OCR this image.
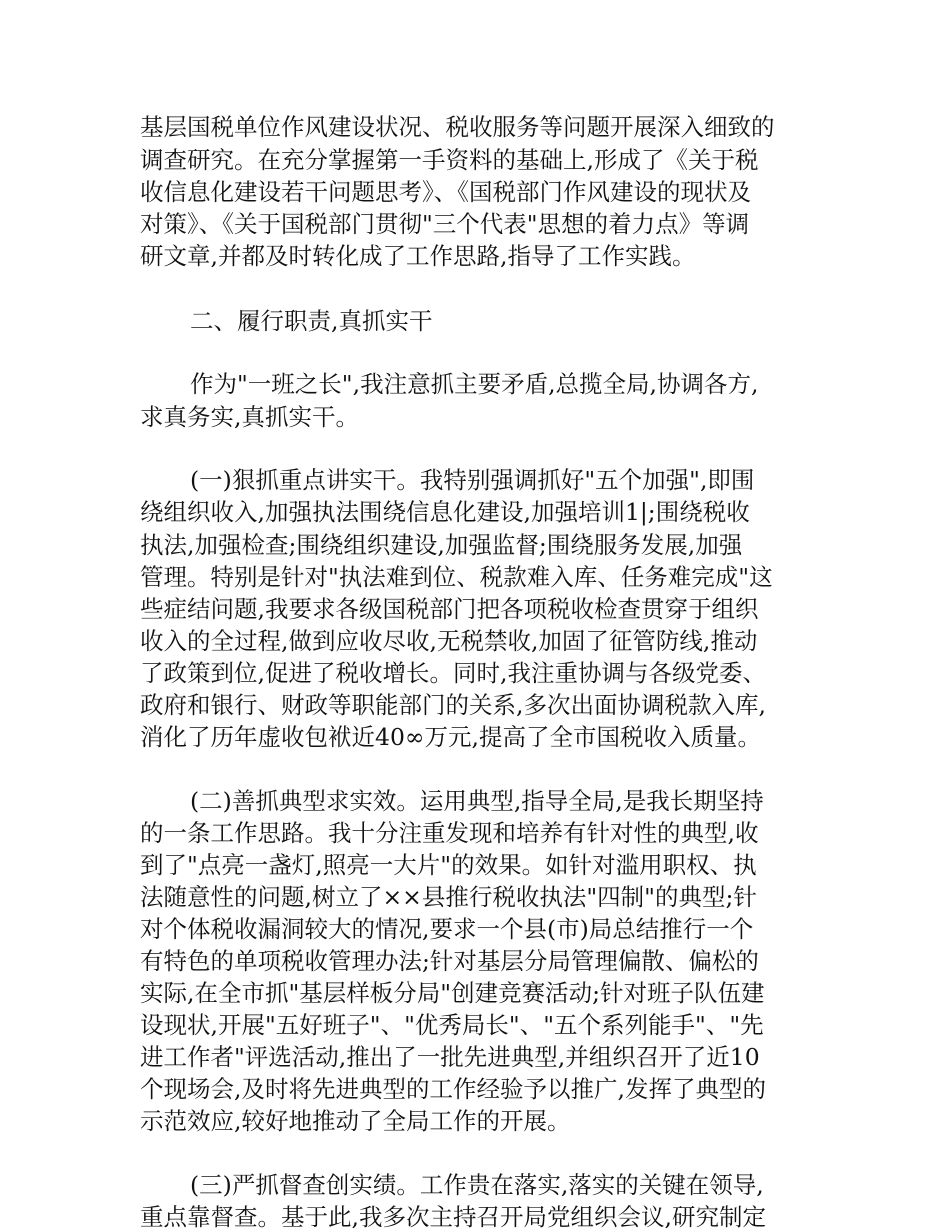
基层国税单位作风建设状况、税收服务等问题开展深入细致的

调查研究。在充分掌握第一手资料的基础上,形成了《关于税

收信息化建设若干问题思考》、《国税部门作风建设的现状及

对策》、《关于国税部门贯彻"三个代表"思想的着力点》等调

研文章,并都及时转化成了工作思路,指导了工作实践。

二、履行职责,真抓实干

作为"一班之长",我注意抓主要矛盾,总揽全局,协调各方,

求真务实,真抓实干。

(一)狠抓重点讲实干。我特别强调抓好"五个加强",即围

绕组织收入,加强执法围绕信息化建设,加强培训1|;围绕税收

执法,加强检查;围绕组织建设,加强监督;围绕服务发展,加强

管理。特别是针对"执法难到位、税款难入库、任务难完成"这

些症结问题,我要求各级国税部门把各项税收检查贯穿于组织

收入的全过程,做到应收尽收,无税禁收,加固了征管防线,推动

了政策到位,促进了税收增长。同时,我注重协调与各级党委、

政府和银行、财政等职能部门的关系,多次出面协调税款入库,

消化了历年虚收包袱近40∞万元,提高了全市国税收入质量。

(二)善抓典型求实效。运用典型,指导全局,是我长期坚持

的一条工作思路。我十分注重发现和培养有针对性的典型,收

到了"点亮一盏灯,照亮一大片"的效果。如针对滥用职权、执

法随意性的问题,树立了××县推行税收执法"四制"的典型;针

对个体税收漏洞较大的情况,要求一个县(市)局总结推行一个

有特色的单项税收管理办法;针对基层分局管理偏散、偏松的

实际,在全市抓"基层样板分局"创建竞赛活动;针对班子队伍建

设现状,开展"五好班子"、"优秀局长"、"五个系列能手"、"先

进工作者"评选活动,推出了一批先进典型,并组织召开了近10

个现场会,及时将先进典型的工作经验予以推广,发挥了典型的

示范效应,较好地推动了全局工作的开展。

(三)严抓督查创实绩。工作贵在落实,落实的关键在领导,

重点靠督查。基于此,我多次主持召开局党组织会议,研究制定
